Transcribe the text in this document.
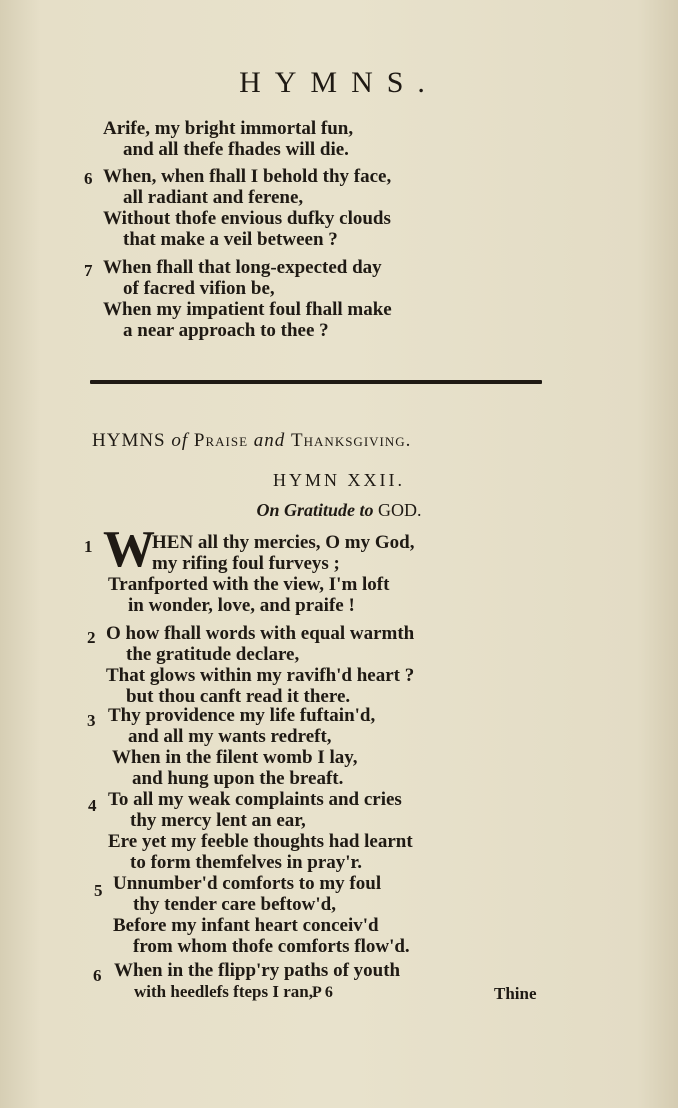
HYMNS.
Arife, my bright immortal fun,
and all thefe fhades will die.
6 When, when fhall I behold thy face,
all radiant and ferene,
Without thofe envious dufky clouds
that make a veil between ?
7 When fhall that long-expected day
of facred vifion be,
When my impatient foul fhall make
a near approach to thee ?
HYMNS of Praise and Thanksgiving.
HYMN XXII.
On Gratitude to GOD.
1 W
HEN all thy mercies, O my God,
my rifing foul furveys ;
Tranfported with the view, I'm loft
in wonder, love, and praife !
2 O how fhall words with equal warmth
the gratitude declare,
That glows within my ravifh'd heart ?
but thou canft read it there.
3 Thy providence my life fuftain'd,
and all my wants redreft,
When in the filent womb I lay,
and hung upon the breaft.
4 To all my weak complaints and cries
thy mercy lent an ear,
Ere yet my feeble thoughts had learnt
to form themfelves in pray'r.
5 Unnumber'd comforts to my foul
thy tender care beftow'd,
Before my infant heart conceiv'd
from whom thofe comforts flow'd.
6 When in the flipp'ry paths of youth
with heedlefs fteps I ran, P 6	Thine
